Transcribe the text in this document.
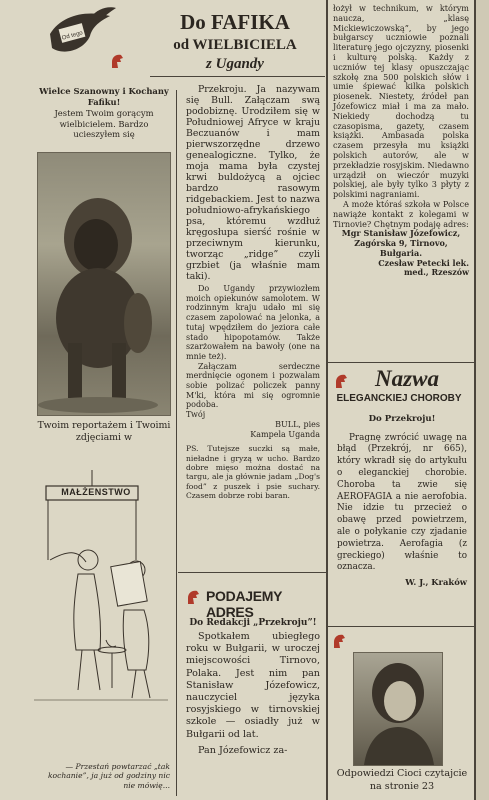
Od tego nr
Do FAFIKA
od WIELBICIELA
z Ugandy

Wielce Szanowny i Kochany Fafiku!

Jestem Twoim gorącym wielbicielem. Bardzo ucieszyłem się

Twoim reportażem i Twoimi zdjęciami w

MAŁŻENSTWO

— Przestań powtarzać „tak kochanie”, ja już od godziny nic nie mówię...

Przekroju. Ja nazywam się Bull. Załączam swą podobiznę. Urodziłem się w Południowej Afryce w kraju Beczuanów i mam pierwszorzędne drzewo genealogiczne. Tylko, że moja mama była czystej krwi buldożycą a ojciec bardzo rasowym ridgebackiem. Jest to nazwa południowo-afrykańskiego psa, któremu wzdłuż kręgosłupa sierść rośnie w przeciwnym kierunku, tworząc „ridge” czyli grzbiet (ja właśnie mam taki).

Do Ugandy przywiozłem moich opiekunów samolotem. W rodzinnym kraju udało mi się czasem zapolować na jelonka, a tutaj wpędziłem do jeziora całe stado hipopotamów. Także szarżowałem na bawoły (one na mnie też).

Załączam serdeczne merdnięcie ogonem i pozwalam sobie polizać policzek panny M'ki, która mi się ogromnie podoba.

Twój

BULL, pies Kampela Uganda

PS. Tutejsze suczki są małe, nieładne i gryzą w ucho. Bardzo dobre mięso można dostać na targu, ale ja głównie jadam „Dog's food” z puszek i psie suchary. Czasem dobrze robi baran.

PODAJEMY ADRES

Do Redakcji „Przekroju”!

Spotkałem ubiegłego roku w Bułgarii, w uroczej miejscowości Tirnovo, Polaka. Jest nim pan Stanisław Józefowicz, nauczyciel języka rosyjskiego w tirnovskiej szkole — osiadły już w Bułgarii od lat.

Pan Józefowicz za-

łożył w technikum, w którym naucza, „klasę Mickiewiczowską”, by jego bułgarscy uczniowie poznali literaturę jego ojczyzny, piosenki i kulturę polską. Każdy z uczniów tej klasy opuszczając szkołę zna 500 polskich słów i umie śpiewać kilka polskich piosenek. Niestety, źródeł pan Józefowicz miał i ma za mało. Niekiedy dochodzą tu czasopisma, gazety, czasem książki. Ambasada polska czasem przesyła mu książki polskich autorów, ale w przekładzie rosyjskim. Niedawno urządził on wieczór muzyki polskiej, ale były tylko 3 płyty z polskimi nagraniami.

A może któraś szkoła w Polsce nawiąże kontakt z kolegami w Tirnovie? Chętnym podaję adres:

Mgr Stanisław Józefowicz, Zagórska 9, Tirnovo, Bułgaria.

Czesław Petecki lek. med., Rzeszów

Nazwa
ELEGANCKIEJ CHOROBY

Do Przekroju!

Pragnę zwrócić uwagę na błąd (Przekrój, nr 665), który wkradł się do artykułu o eleganckiej chorobie. Choroba ta zwie się AEROFAGIA a nie aerofobia. Nie idzie tu przecież o obawę przed powietrzem, ale o połykanie czy zjadanie powietrza. Aerofagia (z greckiego) właśnie to oznacza.

W. J., Kraków

Odpowiedzi Cioci czytajcie na stronie 23
